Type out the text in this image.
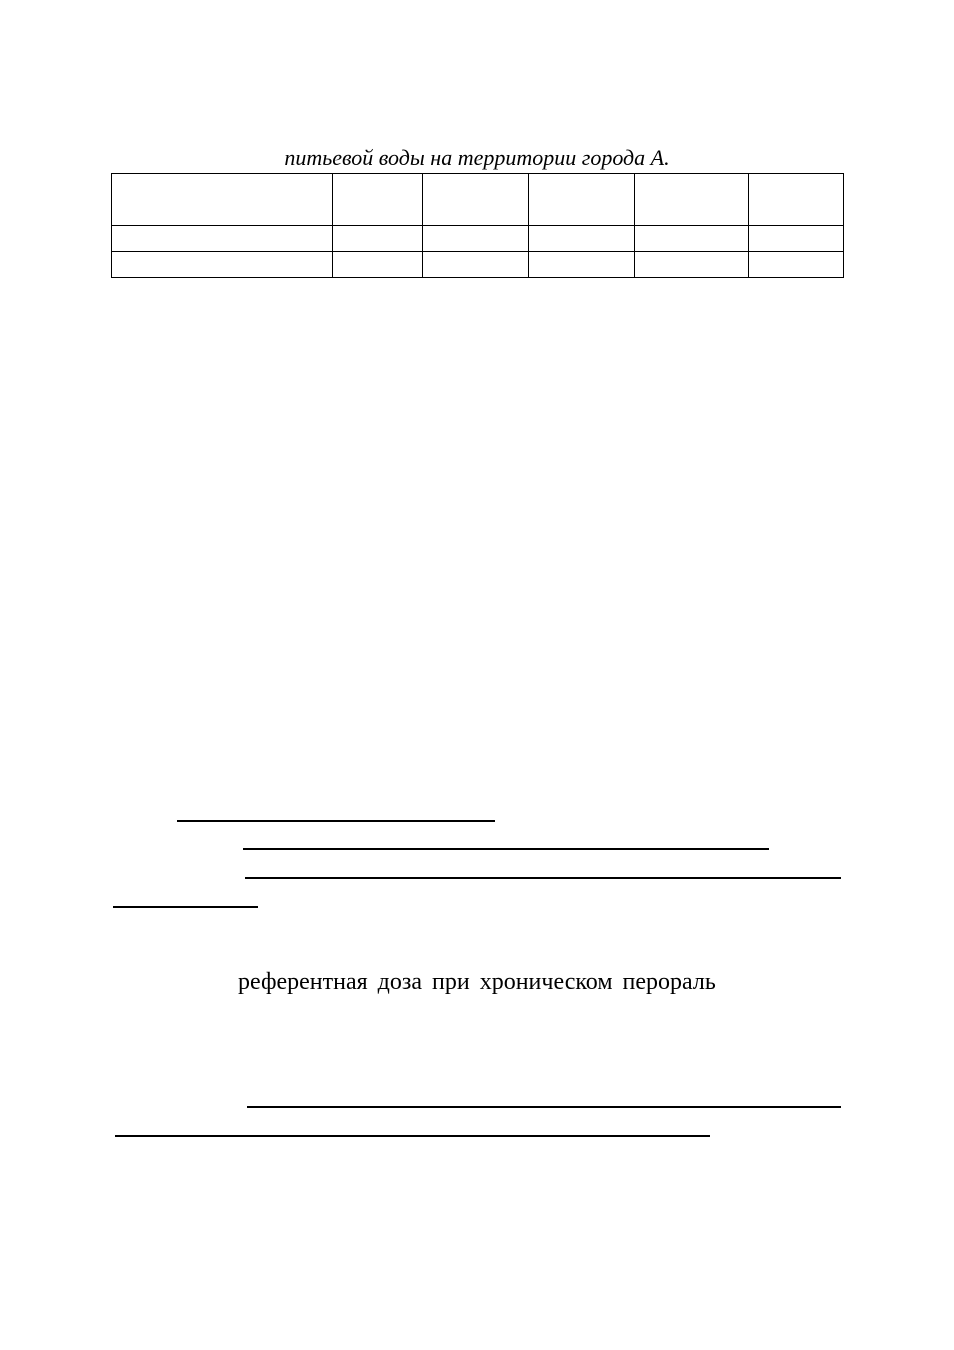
питьевой воды на территории города А.

референтная доза при хроническом перораль
